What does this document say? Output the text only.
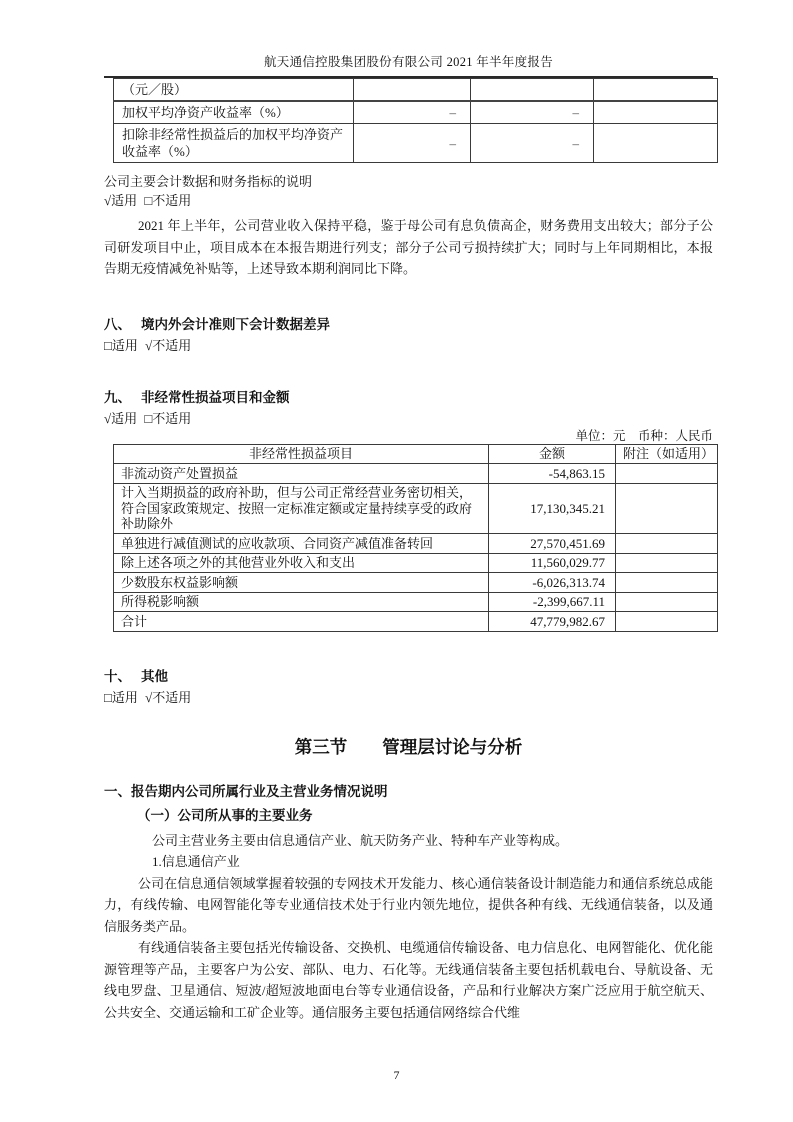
航天通信控股集团股份有限公司 2021 年半年度报告
（元／股）			
加权平均净资产收益率（%）	–	–	
扣除非经常性损益后的加权平均净资产收益率（%）	–	–	
公司主要会计数据和财务指标的说明
√适用 □不适用

2021 年上半年，公司营业收入保持平稳，鉴于母公司有息负债高企，财务费用支出较大；部分子公司研发项目中止，项目成本在本报告期进行列支；部分子公司亏损持续扩大；同时与上年同期相比，本报告期无疫情减免补贴等，上述导致本期利润同比下降。

八、 境内外会计准则下会计数据差异
□适用 √不适用
九、 非经常性损益项目和金额
√适用 □不适用
单位：元　币种：人民币
非经常性损益项目	金额	附注（如适用）
非流动资产处置损益	-54,863.15	
计入当期损益的政府补助，但与公司正常经营业务密切相关，符合国家政策规定、按照一定标准定额或定量持续享受的政府补助除外	17,130,345.21	
单独进行减值测试的应收款项、合同资产减值准备转回	27,570,451.69	
除上述各项之外的其他营业外收入和支出	11,560,029.77	
少数股东权益影响额	-6,026,313.74	
所得税影响额	-2,399,667.11	
合计	47,779,982.67	
十、 其他
□适用 √不适用
第三节　　管理层讨论与分析
一、报告期内公司所属行业及主营业务情况说明
（一）公司所从事的主要业务

公司主营业务主要由信息通信产业、航天防务产业、特种车产业等构成。

1.信息通信产业

公司在信息通信领域掌握着较强的专网技术开发能力、核心通信装备设计制造能力和通信系统总成能力，有线传输、电网智能化等专业通信技术处于行业内领先地位，提供各种有线、无线通信装备，以及通信服务类产品。

有线通信装备主要包括光传输设备、交换机、电缆通信传输设备、电力信息化、电网智能化、优化能源管理等产品，主要客户为公安、部队、电力、石化等。无线通信装备主要包括机载电台、导航设备、无线电罗盘、卫星通信、短波/超短波地面电台等专业通信设备，产品和行业解决方案广泛应用于航空航天、公共安全、交通运输和工矿企业等。通信服务主要包括通信网络综合代维

7
